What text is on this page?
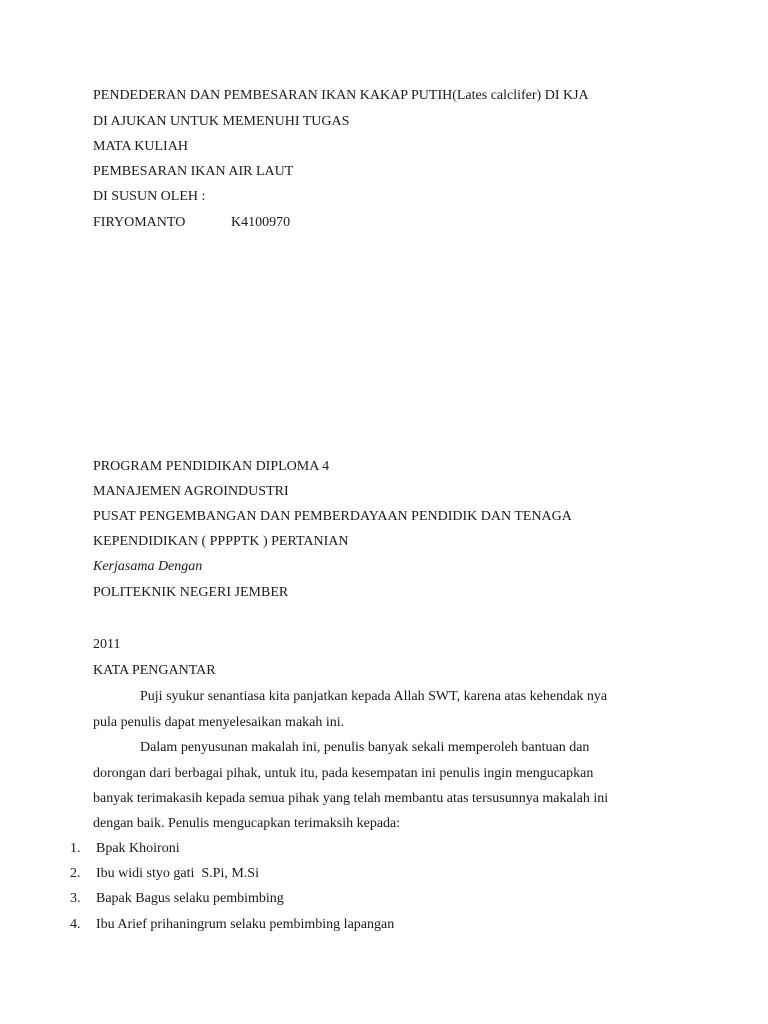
PENDEDERAN DAN PEMBESARAN IKAN KAKAP PUTIH(Lates calclifer) DI KJA
DI AJUKAN UNTUK MEMENUHI TUGAS
MATA KULIAH
PEMBESARAN IKAN AIR LAUT
DI SUSUN OLEH :
FIRYOMANTO	K4100970
PROGRAM PENDIDIKAN DIPLOMA 4
MANAJEMEN AGROINDUSTRI
PUSAT PENGEMBANGAN DAN PEMBERDAYAAN PENDIDIK DAN TENAGA
KEPENDIDIKAN ( PPPPTK ) PERTANIAN
Kerjasama Dengan
POLITEKNIK NEGERI JEMBER
2011
KATA PENGANTAR
Puji syukur senantiasa kita panjatkan kepada Allah SWT, karena atas kehendak nya
pula penulis dapat menyelesaikan makah ini.
Dalam penyusunan makalah ini, penulis banyak sekali memperoleh bantuan dan
dorongan dari berbagai pihak, untuk itu, pada kesempatan ini penulis ingin mengucapkan
banyak terimakasih kepada semua pihak yang telah membantu atas tersusunnya makalah ini
dengan baik. Penulis mengucapkan terimaksih kepada:
1. Bpak Khoironi
2. Ibu widi styo gati  S.Pi, M.Si
3. Bapak Bagus selaku pembimbing
4. Ibu Arief prihaningrum selaku pembimbing lapangan
